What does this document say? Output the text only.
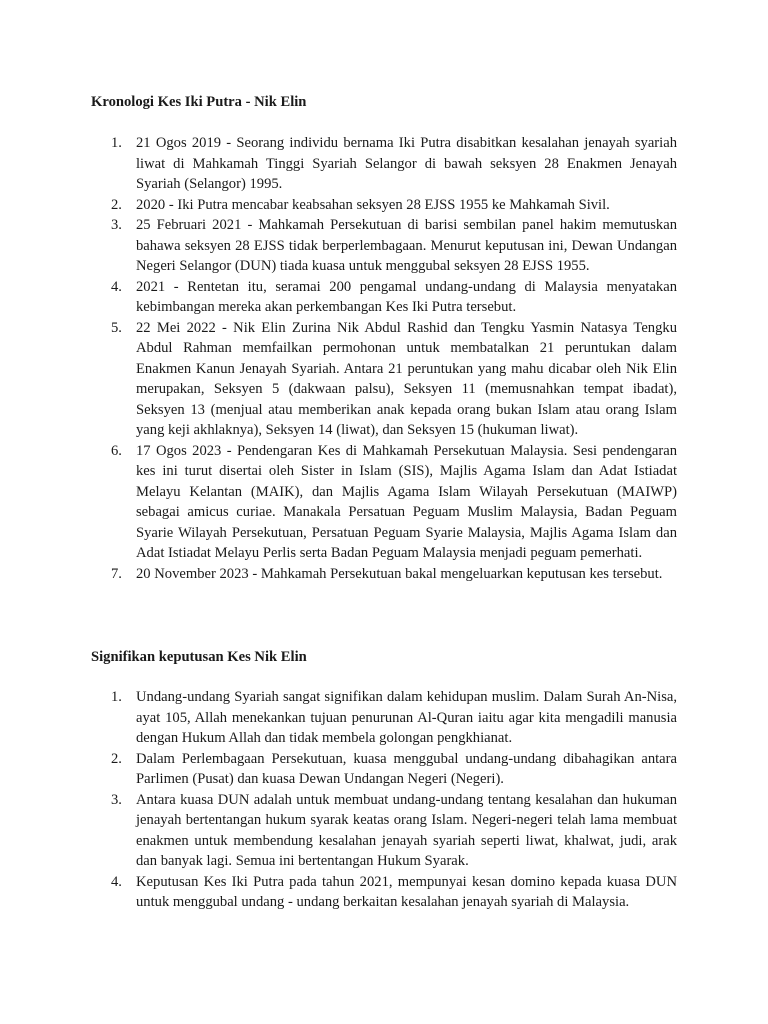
Kronologi Kes Iki Putra - Nik Elin
1. 21 Ogos 2019 - Seorang individu bernama Iki Putra disabitkan kesalahan jenayah syariah liwat di Mahkamah Tinggi Syariah Selangor di bawah seksyen 28 Enakmen Jenayah Syariah (Selangor) 1995.
2. 2020 - Iki Putra mencabar keabsahan seksyen 28 EJSS 1955 ke Mahkamah Sivil.
3. 25 Februari 2021 - Mahkamah Persekutuan di barisi sembilan panel hakim memutuskan bahawa seksyen 28 EJSS tidak berperlembagaan. Menurut keputusan ini, Dewan Undangan Negeri Selangor (DUN) tiada kuasa untuk menggubal seksyen 28 EJSS 1955.
4. 2021 - Rentetan itu, seramai 200 pengamal undang-undang di Malaysia menyatakan kebimbangan mereka akan perkembangan Kes Iki Putra tersebut.
5. 22 Mei 2022 - Nik Elin Zurina Nik Abdul Rashid dan Tengku Yasmin Natasya Tengku Abdul Rahman memfailkan permohonan untuk membatalkan 21 peruntukan dalam Enakmen Kanun Jenayah Syariah. Antara 21 peruntukan yang mahu dicabar oleh Nik Elin merupakan, Seksyen 5 (dakwaan palsu), Seksyen 11 (memusnahkan tempat ibadat), Seksyen 13 (menjual atau memberikan anak kepada orang bukan Islam atau orang Islam yang keji akhlaknya), Seksyen 14 (liwat), dan Seksyen 15 (hukuman liwat).
6. 17 Ogos 2023 - Pendengaran Kes di Mahkamah Persekutuan Malaysia. Sesi pendengaran kes ini turut disertai oleh Sister in Islam (SIS), Majlis Agama Islam dan Adat Istiadat Melayu Kelantan (MAIK), dan Majlis Agama Islam Wilayah Persekutuan (MAIWP) sebagai amicus curiae. Manakala Persatuan Peguam Muslim Malaysia, Badan Peguam Syarie Wilayah Persekutuan, Persatuan Peguam Syarie Malaysia, Majlis Agama Islam dan Adat Istiadat Melayu Perlis serta Badan Peguam Malaysia menjadi peguam pemerhati.
7. 20 November 2023 - Mahkamah Persekutuan bakal mengeluarkan keputusan kes tersebut.
Signifikan keputusan Kes Nik Elin
1. Undang-undang Syariah sangat signifikan dalam kehidupan muslim. Dalam Surah An-Nisa, ayat 105, Allah menekankan tujuan penurunan Al-Quran iaitu agar kita mengadili manusia dengan Hukum Allah dan tidak membela golongan pengkhianat.
2. Dalam Perlembagaan Persekutuan, kuasa menggubal undang-undang dibahagikan antara Parlimen (Pusat) dan kuasa Dewan Undangan Negeri (Negeri).
3. Antara kuasa DUN adalah untuk membuat undang-undang tentang kesalahan dan hukuman jenayah bertentangan hukum syarak keatas orang Islam. Negeri-negeri telah lama membuat enakmen untuk membendung kesalahan jenayah syariah seperti liwat, khalwat, judi, arak dan banyak lagi. Semua ini bertentangan Hukum Syarak.
4. Keputusan Kes Iki Putra pada tahun 2021, mempunyai kesan domino kepada kuasa DUN untuk menggubal undang - undang berkaitan kesalahan jenayah syariah di Malaysia.
